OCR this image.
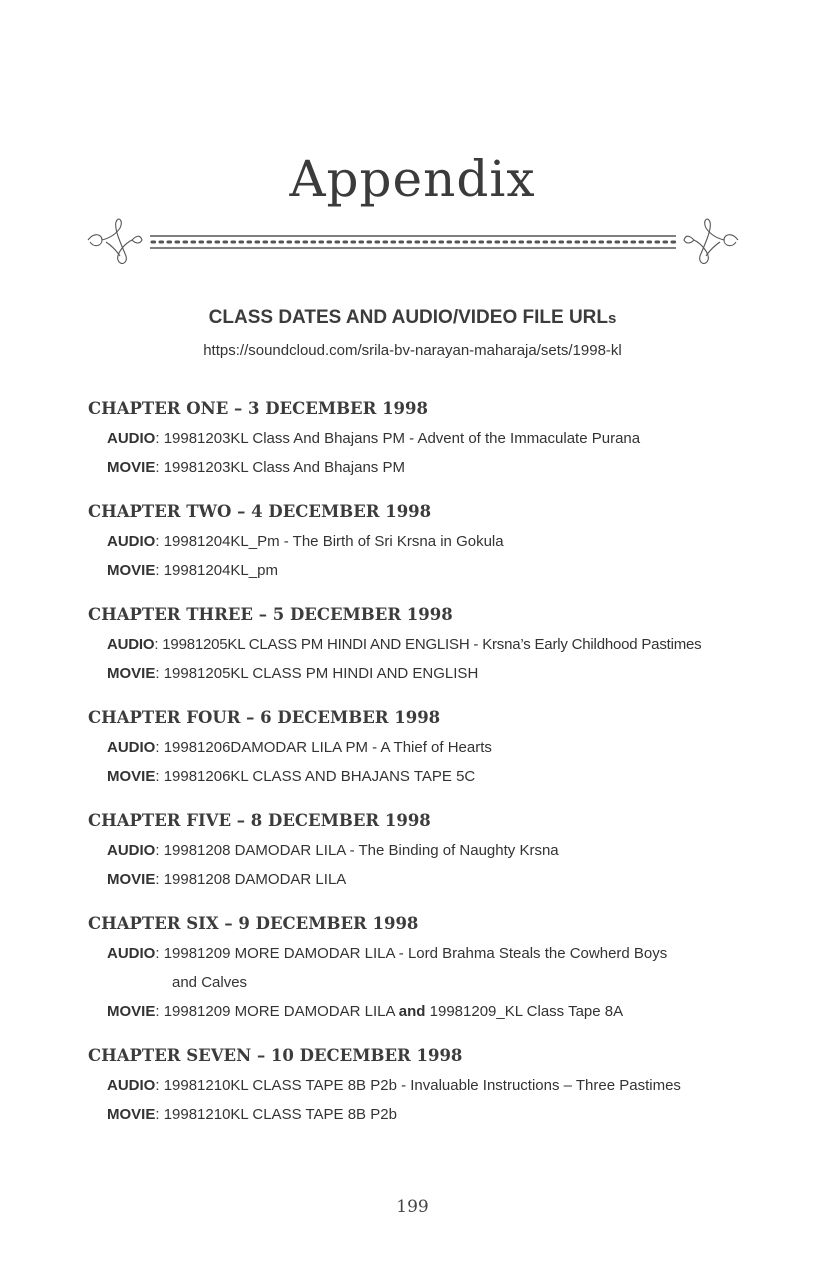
Appendix
CLASS DATES AND AUDIO/VIDEO FILE URLs
https://soundcloud.com/srila-bv-narayan-maharaja/sets/1998-kl
CHAPTER ONE – 3 DECEMBER 1998
AUDIO: 19981203KL Class And Bhajans PM - Advent of the Immaculate Purana
MOVIE: 19981203KL Class And Bhajans PM
CHAPTER TWO – 4 DECEMBER 1998
AUDIO: 19981204KL_Pm - The Birth of Sri Krsna in Gokula
MOVIE: 19981204KL_pm
CHAPTER THREE – 5 DECEMBER 1998
AUDIO: 19981205KL CLASS PM HINDI AND ENGLISH - Krsna’s Early Childhood Pastimes
MOVIE: 19981205KL CLASS PM HINDI AND ENGLISH
CHAPTER FOUR – 6 DECEMBER 1998
AUDIO: 19981206DAMODAR LILA PM - A Thief of Hearts
MOVIE: 19981206KL CLASS AND BHAJANS TAPE 5C
CHAPTER FIVE – 8 DECEMBER 1998
AUDIO: 19981208 DAMODAR LILA - The Binding of Naughty Krsna
MOVIE: 19981208 DAMODAR LILA
CHAPTER SIX – 9 DECEMBER 1998
AUDIO: 19981209 MORE DAMODAR LILA - Lord Brahma Steals the Cowherd Boys
and Calves
MOVIE: 19981209 MORE DAMODAR LILA and 19981209_KL Class Tape 8A
CHAPTER SEVEN – 10 DECEMBER 1998
AUDIO: 19981210KL CLASS TAPE 8B P2b - Invaluable Instructions – Three Pastimes
MOVIE: 19981210KL CLASS TAPE 8B P2b
199
